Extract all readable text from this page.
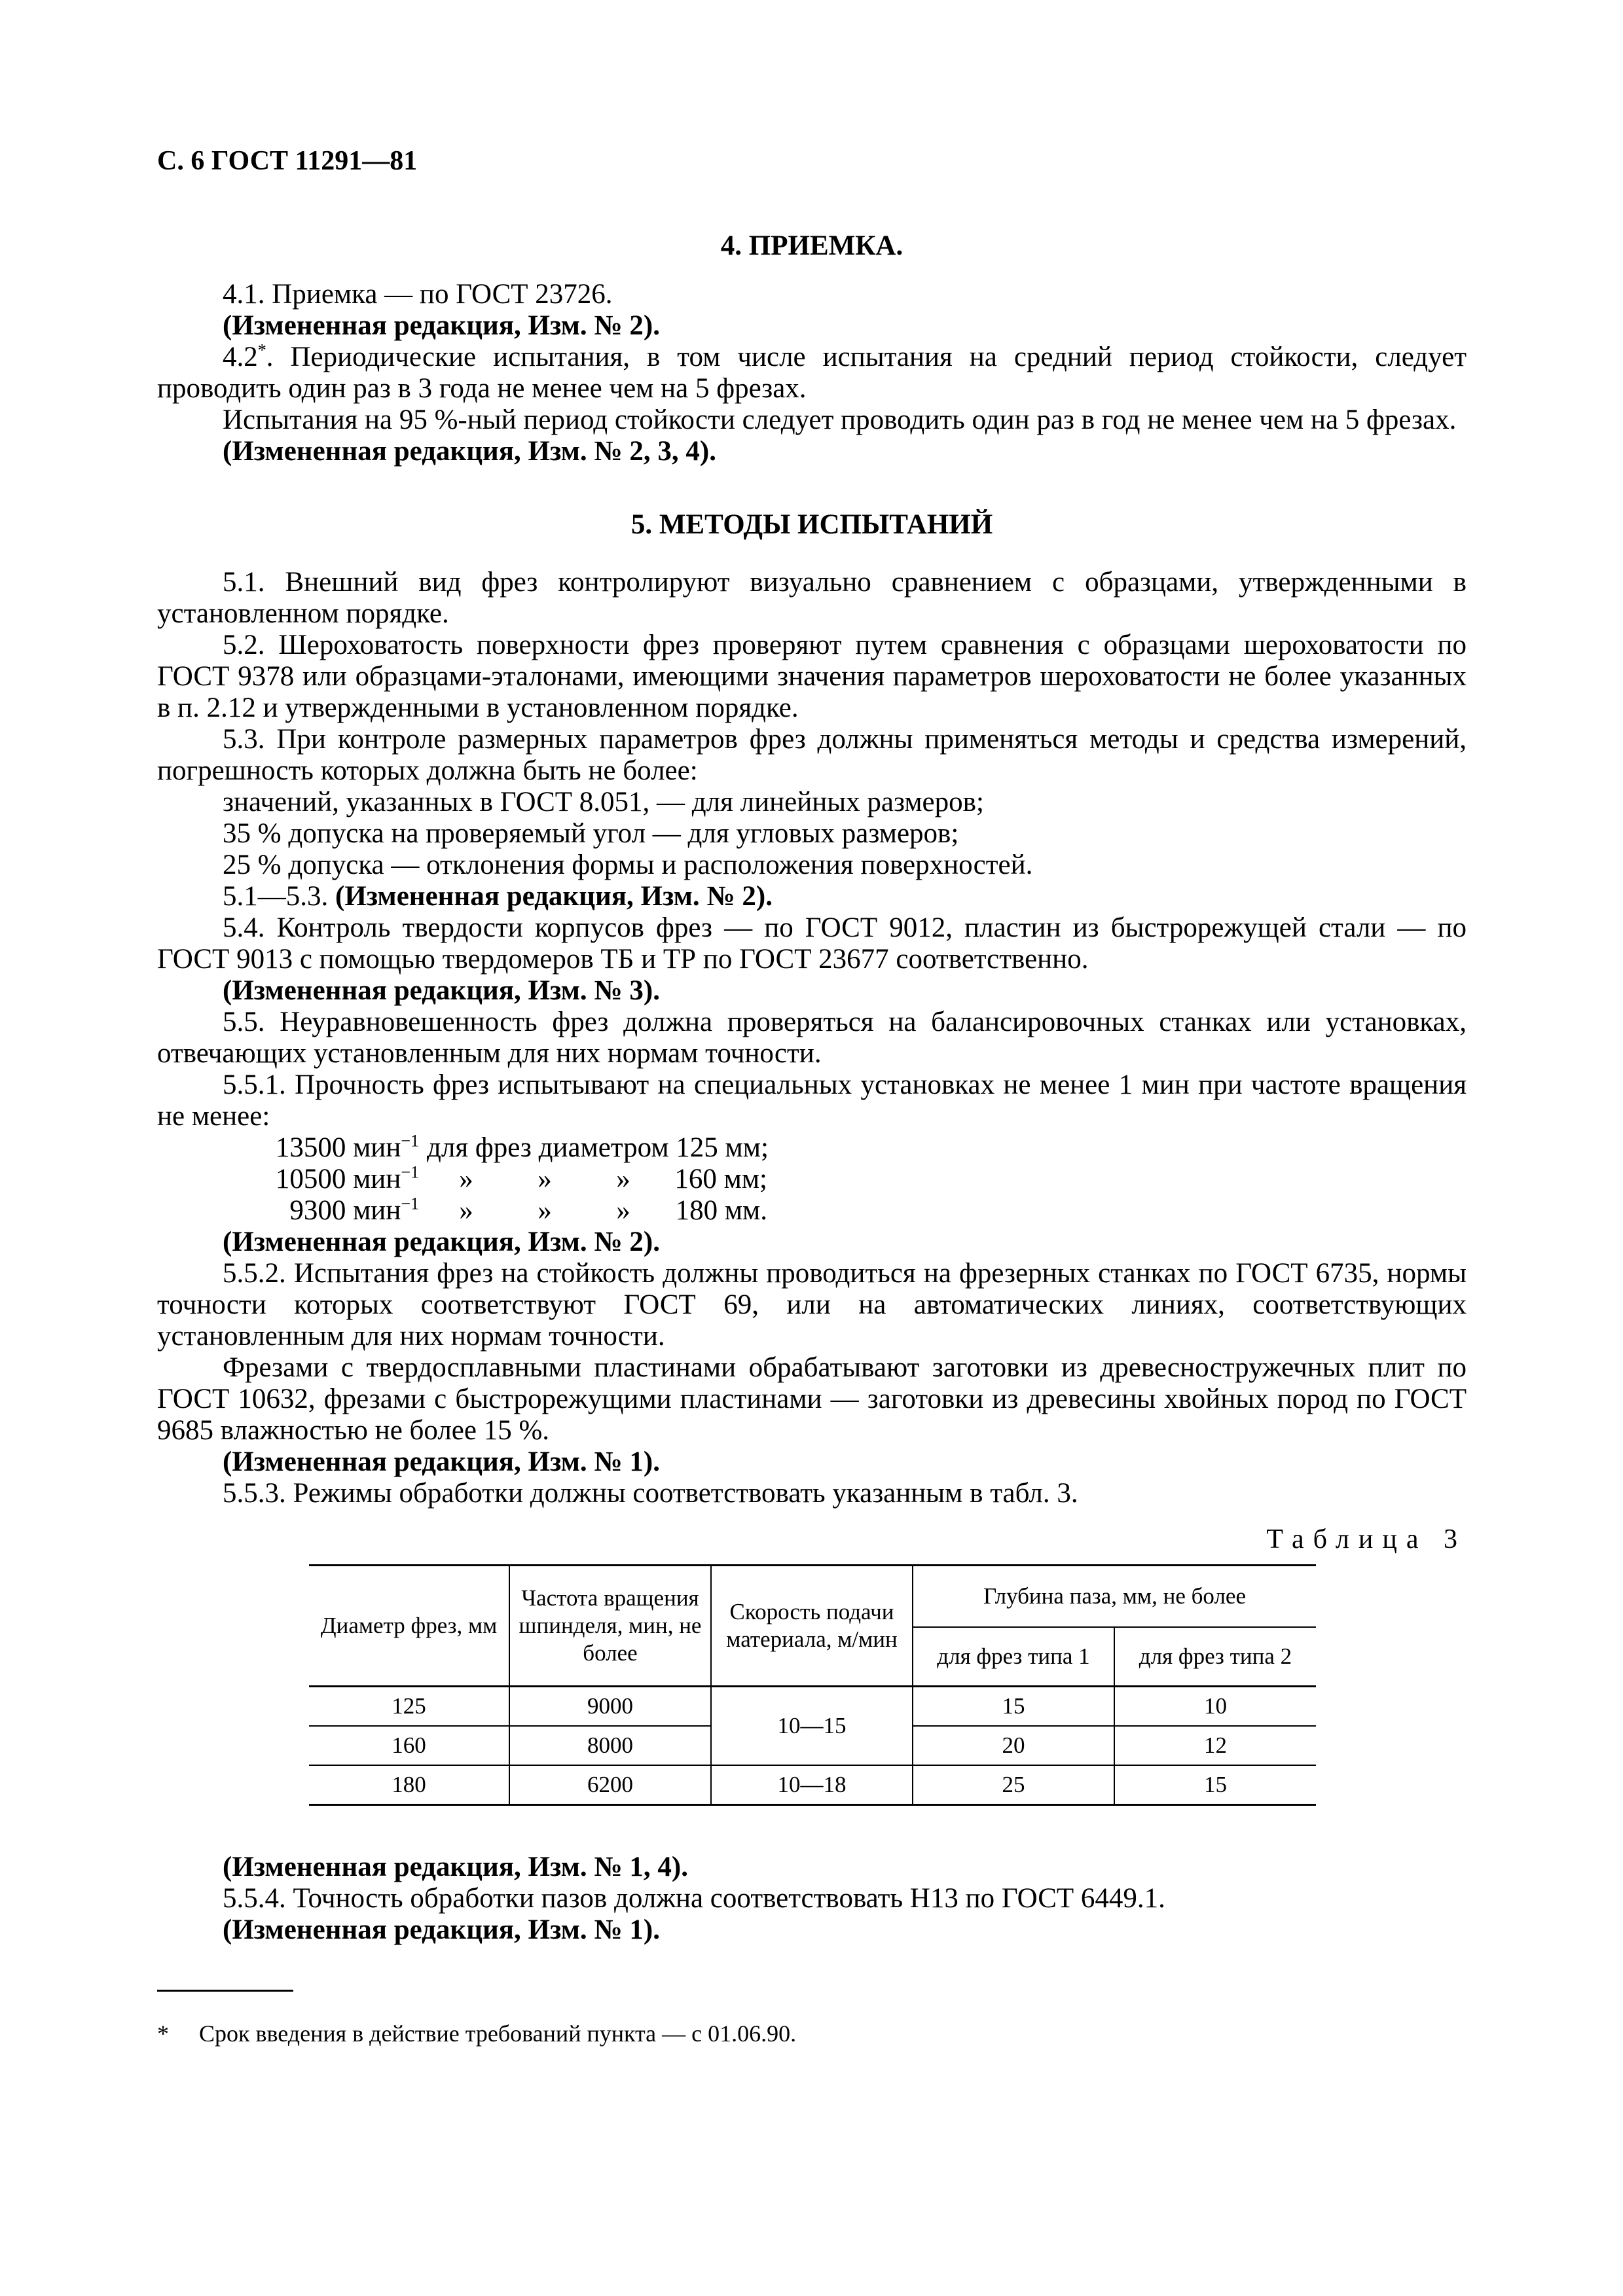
С. 6 ГОСТ 11291—81
4. ПРИЕМКА.

4.1. Приемка — по ГОСТ 23726.

(Измененная редакция, Изм. № 2).

4.2*. Периодические испытания, в том числе испытания на средний период стойкости, следует проводить один раз в 3 года не менее чем на 5 фрезах.

Испытания на 95 %-ный период стойкости следует проводить один раз в год не менее чем на 5 фрезах.

(Измененная редакция, Изм. № 2, 3, 4).

5. МЕТОДЫ ИСПЫТАНИЙ

5.1. Внешний вид фрез контролируют визуально сравнением с образцами, утвержденными в установленном порядке.

5.2. Шероховатость поверхности фрез проверяют путем сравнения с образцами шероховатости по ГОСТ 9378 или образцами-эталонами, имеющими значения параметров шероховатости не более указанных в п. 2.12 и утвержденными в установленном порядке.

5.3. При контроле размерных параметров фрез должны применяться методы и средства измерений, погрешность которых должна быть не более:

значений, указанных в ГОСТ 8.051, — для линейных размеров;

35 % допуска на проверяемый угол — для угловых размеров;

25 % допуска — отклонения формы и расположения поверхностей.

5.1—5.3. (Измененная редакция, Изм. № 2).

5.4. Контроль твердости корпусов фрез — по ГОСТ 9012, пластин из быстрорежущей стали — по ГОСТ 9013 с помощью твердомеров ТБ и ТР по ГОСТ 23677 соответственно.

(Измененная редакция, Изм. № 3).

5.5. Неуравновешенность фрез должна проверяться на балансировочных станках или установках, отвечающих установленным для них нормам точности.

5.5.1. Прочность фрез испытывают на специальных установках не менее 1 мин при частоте вращения не менее:

13500 мин$^{-1}$ для фрез диаметром 125 мм;
10500 мин$^{-1}$	»	»	»	160 мм;
9300 мин$^{-1}$	»	»	»	180 мм.

(Измененная редакция, Изм. № 2).

5.5.2. Испытания фрез на стойкость должны проводиться на фрезерных станках по ГОСТ 6735, нормы точности которых соответствуют ГОСТ 69, или на автоматических линиях, соответствующих установленным для них нормам точности.

Фрезами с твердосплавными пластинами обрабатывают заготовки из древесностружечных плит по ГОСТ 10632, фрезами с быстрорежущими пластинами — заготовки из древесины хвойных пород по ГОСТ 9685 влажностью не более 15 %.

(Измененная редакция, Изм. № 1).

5.5.3. Режимы обработки должны соответствовать указанным в табл. 3.

Таблица 3
Диаметр фрез, мм	Частота вращения шпинделя, мин, не более	Скорость подачи материала, м/мин	Глубина паза, мм, не более	
			для фрез типа 1	для фрез типа 2
125	9000	10—15	15	10
160	8000		20	12
180	6200	10—18	25	15

(Измененная редакция, Изм. № 1, 4).

5.5.4. Точность обработки пазов должна соответствовать H13 по ГОСТ 6449.1.

(Измененная редакция, Изм. № 1).

*	Срок введения в действие требований пункта — с 01.06.90.
